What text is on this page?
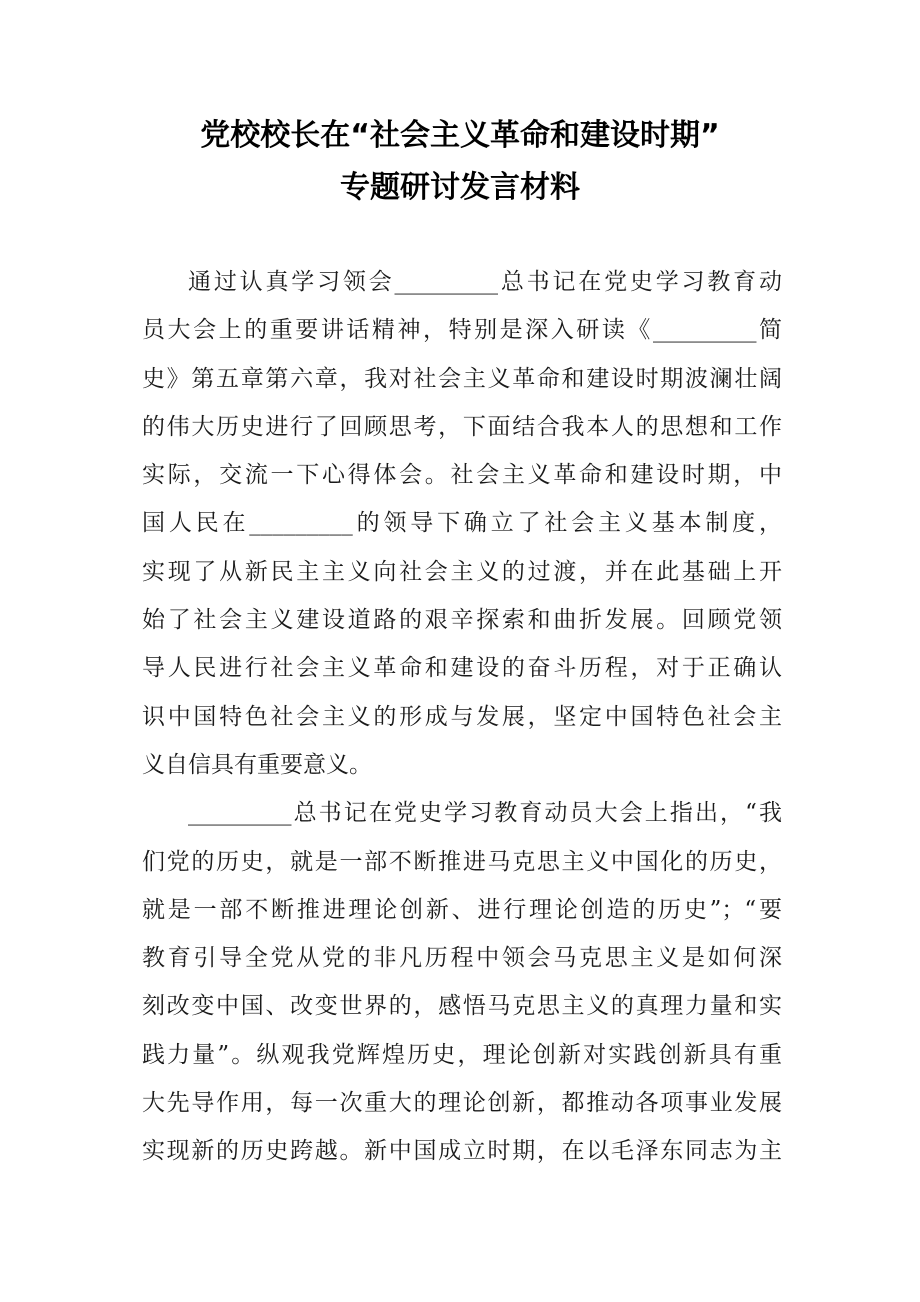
党校校长在“社会主义革命和建设时期”
专题研讨发言材料
通过认真学习领会_________总书记在党史学习教育动
员大会上的重要讲话精神，特别是深入研读《_________简
史》第五章第六章，我对社会主义革命和建设时期波澜壮阔
的伟大历史进行了回顾思考，下面结合我本人的思想和工作
实际，交流一下心得体会。社会主义革命和建设时期，中
国人民在_________的领导下确立了社会主义基本制度，
实现了从新民主主义向社会主义的过渡，并在此基础上开
始了社会主义建设道路的艰辛探索和曲折发展。回顾党领
导人民进行社会主义革命和建设的奋斗历程，对于正确认
识中国特色社会主义的形成与发展，坚定中国特色社会主
义自信具有重要意义。
_________总书记在党史学习教育动员大会上指出，“我
们党的历史，就是一部不断推进马克思主义中国化的历史，
就是一部不断推进理论创新、进行理论创造的历史”；“要
教育引导全党从党的非凡历程中领会马克思主义是如何深
刻改变中国、改变世界的，感悟马克思主义的真理力量和实
践力量”。纵观我党辉煌历史，理论创新对实践创新具有重
大先导作用，每一次重大的理论创新，都推动各项事业发展
实现新的历史跨越。新中国成立时期，在以毛泽东同志为主
